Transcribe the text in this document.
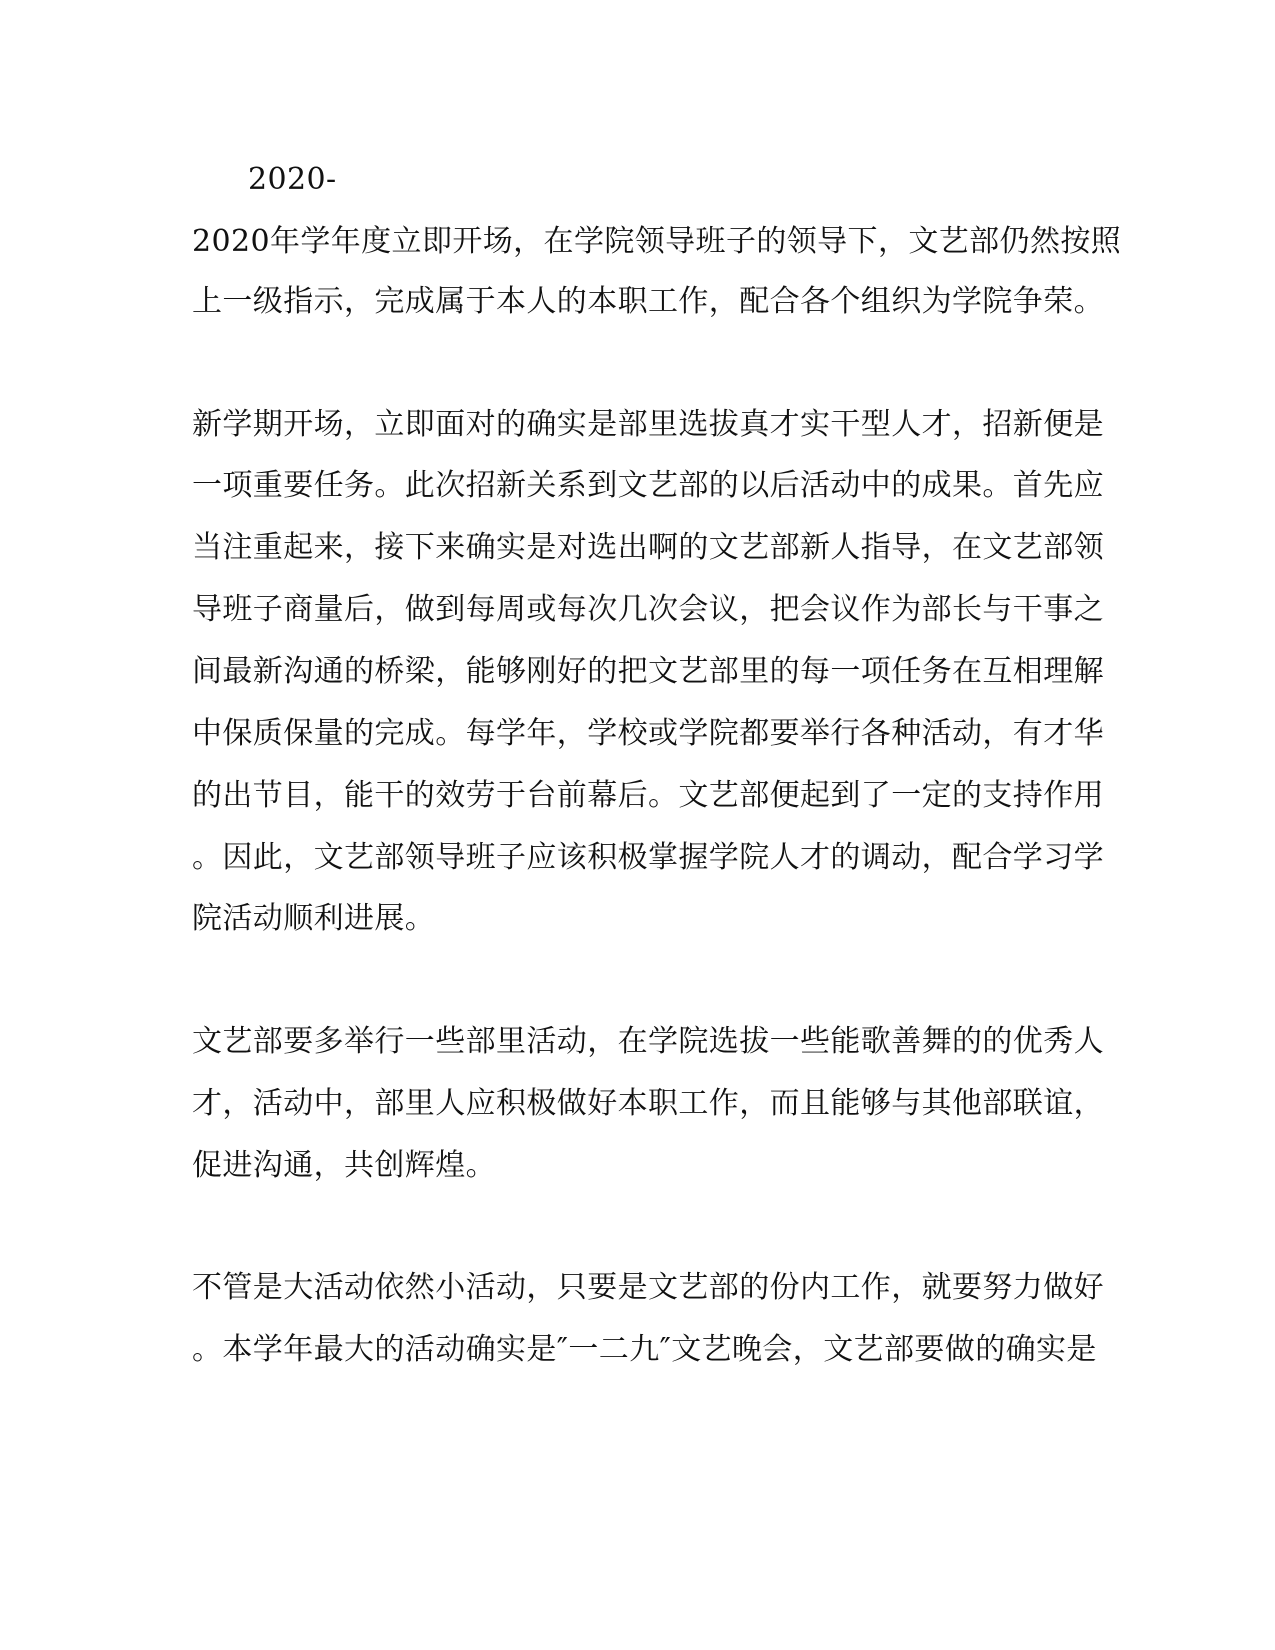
2020-
2020年学年度立即开场，在学院领导班子的领导下，文艺部仍然按照
上一级指示，完成属于本人的本职工作，配合各个组织为学院争荣。
新学期开场，立即面对的确实是部里选拔真才实干型人才，招新便是
一项重要任务。此次招新关系到文艺部的以后活动中的成果。首先应
当注重起来，接下来确实是对选出啊的文艺部新人指导，在文艺部领
导班子商量后，做到每周或每次几次会议，把会议作为部长与干事之
间最新沟通的桥梁，能够刚好的把文艺部里的每一项任务在互相理解
中保质保量的完成。每学年，学校或学院都要举行各种活动，有才华
的出节目，能干的效劳于台前幕后。文艺部便起到了一定的支持作用
。因此，文艺部领导班子应该积极掌握学院人才的调动，配合学习学
院活动顺利进展。
文艺部要多举行一些部里活动，在学院选拔一些能歌善舞的的优秀人
才，活动中，部里人应积极做好本职工作，而且能够与其他部联谊，
促进沟通，共创辉煌。
不管是大活动依然小活动，只要是文艺部的份内工作，就要努力做好
。本学年最大的活动确实是″一二九″文艺晚会，文艺部要做的确实是
